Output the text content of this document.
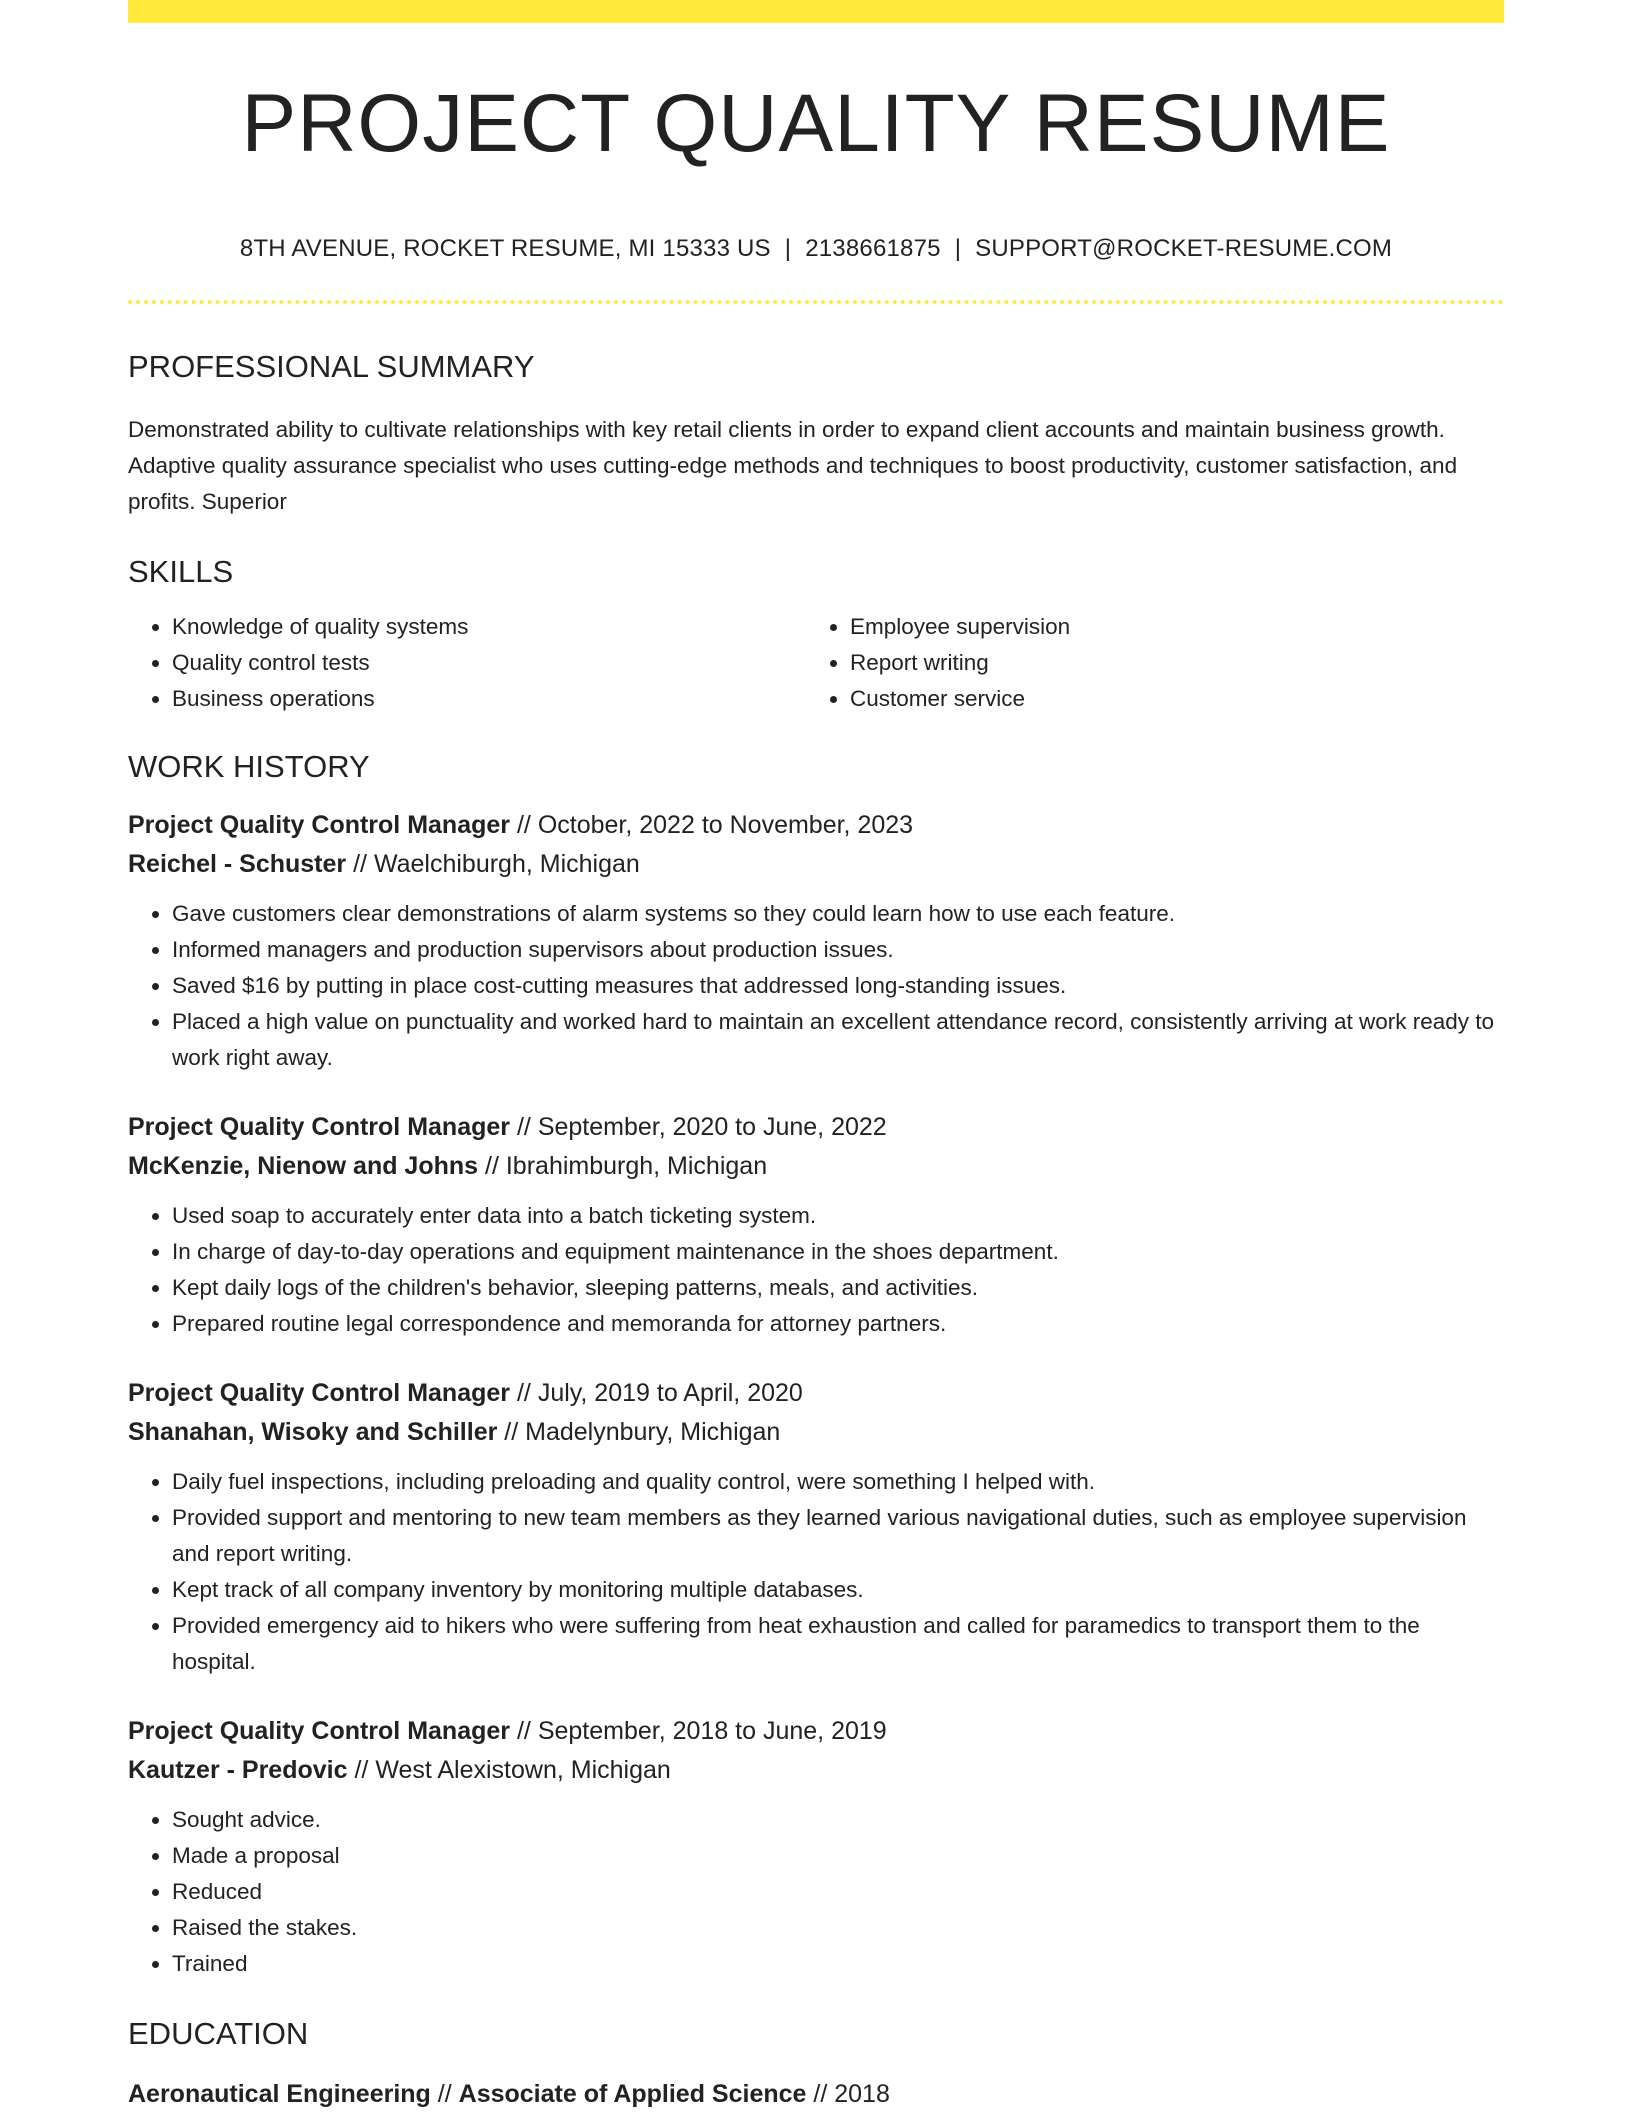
PROJECT QUALITY RESUME
8TH AVENUE, ROCKET RESUME, MI 15333 US | 2138661875 | SUPPORT@ROCKET-RESUME.COM
PROFESSIONAL SUMMARY
Demonstrated ability to cultivate relationships with key retail clients in order to expand client accounts and maintain business growth. Adaptive quality assurance specialist who uses cutting-edge methods and techniques to boost productivity, customer satisfaction, and profits. Superior
SKILLS
• Knowledge of quality systems
• Quality control tests
• Business operations
• Employee supervision
• Report writing
• Customer service
WORK HISTORY
Project Quality Control Manager // October, 2022 to November, 2023
Reichel - Schuster // Waelchiburgh, Michigan
• Gave customers clear demonstrations of alarm systems so they could learn how to use each feature.
• Informed managers and production supervisors about production issues.
• Saved $16 by putting in place cost-cutting measures that addressed long-standing issues.
• Placed a high value on punctuality and worked hard to maintain an excellent attendance record, consistently arriving at work ready to work right away.
Project Quality Control Manager // September, 2020 to June, 2022
McKenzie, Nienow and Johns // Ibrahimburgh, Michigan
• Used soap to accurately enter data into a batch ticketing system.
• In charge of day-to-day operations and equipment maintenance in the shoes department.
• Kept daily logs of the children's behavior, sleeping patterns, meals, and activities.
• Prepared routine legal correspondence and memoranda for attorney partners.
Project Quality Control Manager // July, 2019 to April, 2020
Shanahan, Wisoky and Schiller // Madelynbury, Michigan
• Daily fuel inspections, including preloading and quality control, were something I helped with.
• Provided support and mentoring to new team members as they learned various navigational duties, such as employee supervision and report writing.
• Kept track of all company inventory by monitoring multiple databases.
• Provided emergency aid to hikers who were suffering from heat exhaustion and called for paramedics to transport them to the hospital.
Project Quality Control Manager // September, 2018 to June, 2019
Kautzer - Predovic // West Alexistown, Michigan
• Sought advice.
• Made a proposal
• Reduced
• Raised the stakes.
• Trained
EDUCATION
Aeronautical Engineering // Associate of Applied Science // 2018
